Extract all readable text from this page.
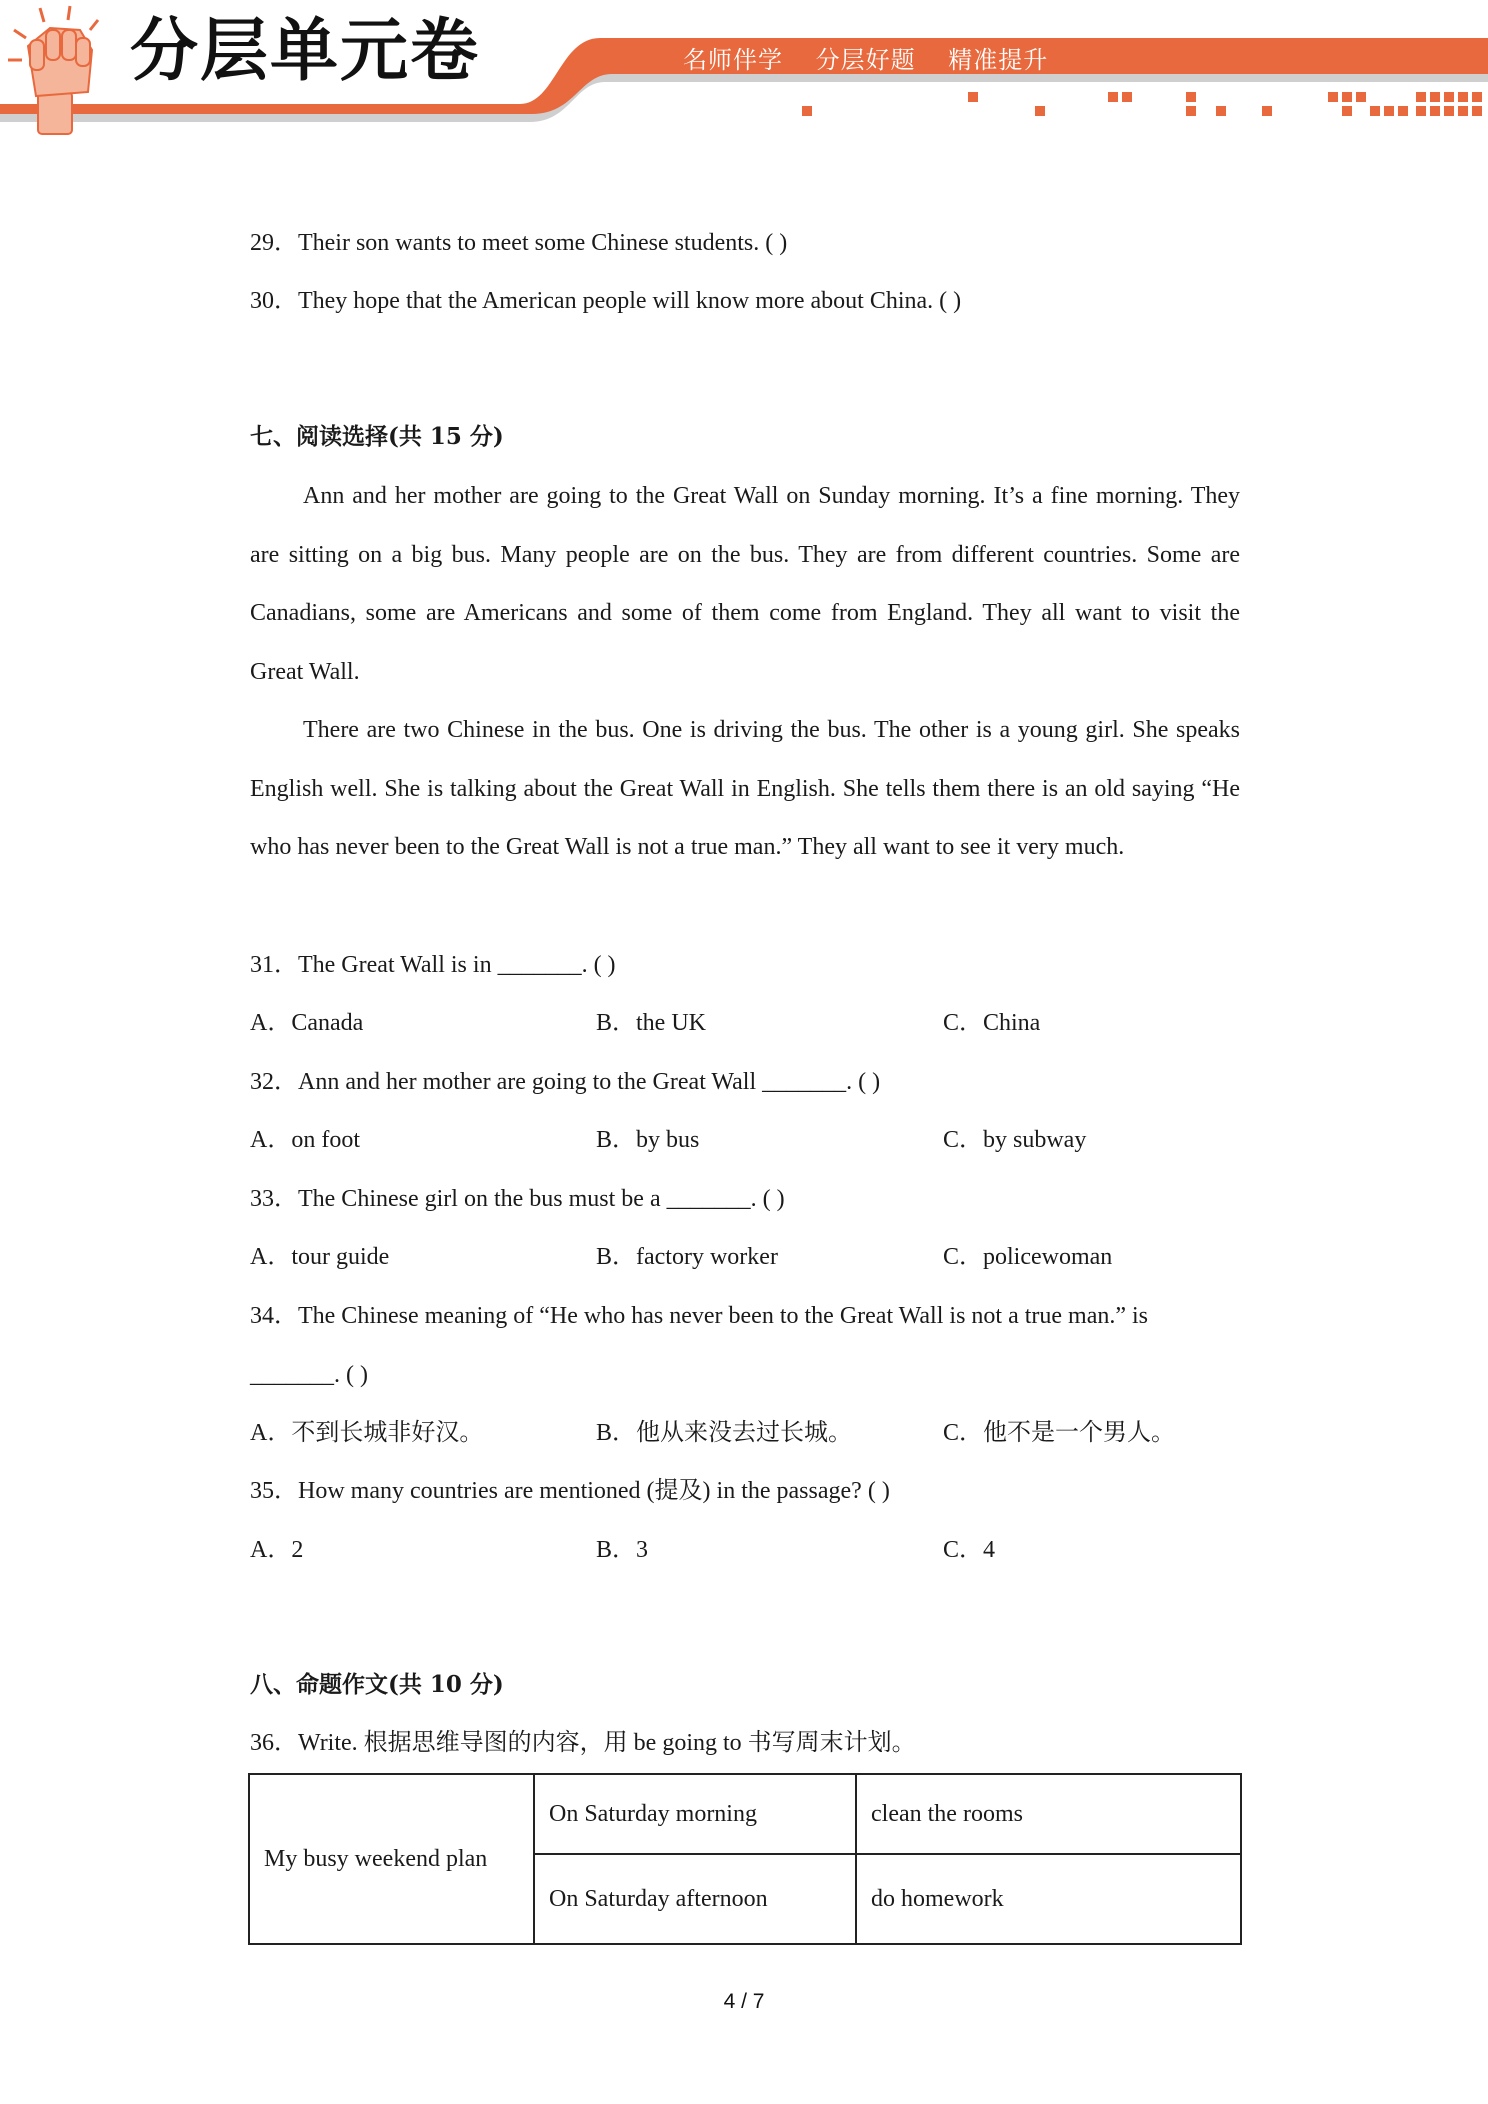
分层单元卷	名师伴学 分层好题 精准提升
29．Their son wants to meet some Chinese students. ( )
30．They hope that the American people will know more about China. ( )
七、阅读选择(共 15 分)
Ann and her mother are going to the Great Wall on Sunday morning. It’s a fine morning. They are sitting on a big bus. Many people are on the bus. They are from different countries. Some are Canadians, some are Americans and some of them come from England. They all want to visit the Great Wall.
There are two Chinese in the bus. One is driving the bus. The other is a young girl. She speaks English well. She is talking about the Great Wall in English. She tells them there is an old saying “He who has never been to the Great Wall is not a true man.” They all want to see it very much.
31．The Great Wall is in _______. ( )
A．Canada	B．the UK	C．China
32．Ann and her mother are going to the Great Wall _______. ( )
A．on foot	B．by bus	C．by subway
33．The Chinese girl on the bus must be a _______. ( )
A．tour guide	B．factory worker	C．policewoman
34．The Chinese meaning of “He who has never been to the Great Wall is not a true man.” is
_______. ( )
A．不到长城非好汉。	B．他从来没去过长城。	C．他不是一个男人。
35．How many countries are mentioned (提及) in the passage? ( )
A．2	B．3	C．4
八、命题作文(共 10 分)
36．Write. 根据思维导图的内容，用 be going to 书写周末计划。
My busy weekend plan	On Saturday morning	clean the rooms
	On Saturday afternoon	do homework
4 / 7
